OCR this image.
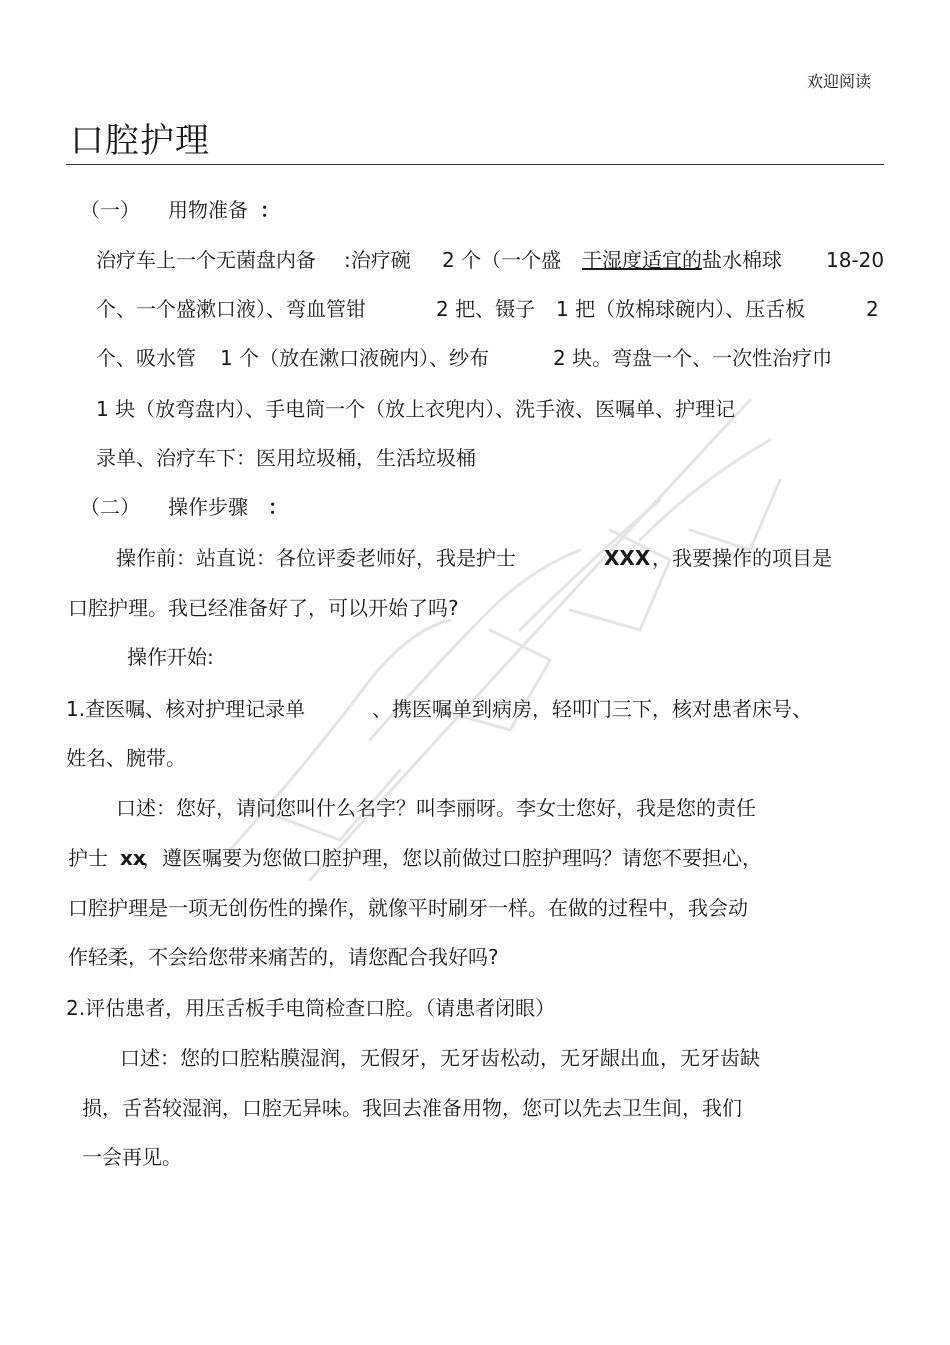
欢迎阅读
口腔护理
（一） 用物准备 ：
治疗车上一个无菌盘内备 :治疗碗 2 个（一个盛 干湿度适宜的 盐水棉球 18-20
个、一个盛漱口液）、弯血管钳	2 把、镊子 1 把（放棉球碗内）、压舌板	2
个、吸水管 1 个（放在漱口液碗内）、纱布	2 块。弯盘一个、一次性治疗巾
1 块（放弯盘内）、手电筒一个（放上衣兜内）、洗手液、医嘱单、护理记
录单、治疗车下：医用垃圾桶，生活垃圾桶
（二） 操作步骤 ：
操作前：站直说：各位评委老师好，我是护士	XXX ，我要操作的项目是
口腔护理。我已经准备好了，可以开始了吗?
操作开始:
1.查医嘱、核对护理记录单	、携医嘱单到病房，轻叩门三下，核对患者床号、
姓名、腕带。
口述：您好，请问您叫什么名字？叫李丽呀。李女士您好，我是您的责任
护士 xx
，遵医嘱要为您做口腔护理，您以前做过口腔护理吗？请您不要担心，
口腔护理是一项无创伤性的操作，就像平时刷牙一样。在做的过程中，我会动
作轻柔，不会给您带来痛苦的，请您配合我好吗?
2.评估患者，用压舌板手电筒检查口腔。（请患者闭眼）
口述：您的口腔粘膜湿润，无假牙，无牙齿松动，无牙龈出血，无牙齿缺
损，舌苔较湿润，口腔无异味。我回去准备用物，您可以先去卫生间，我们
一会再见。
